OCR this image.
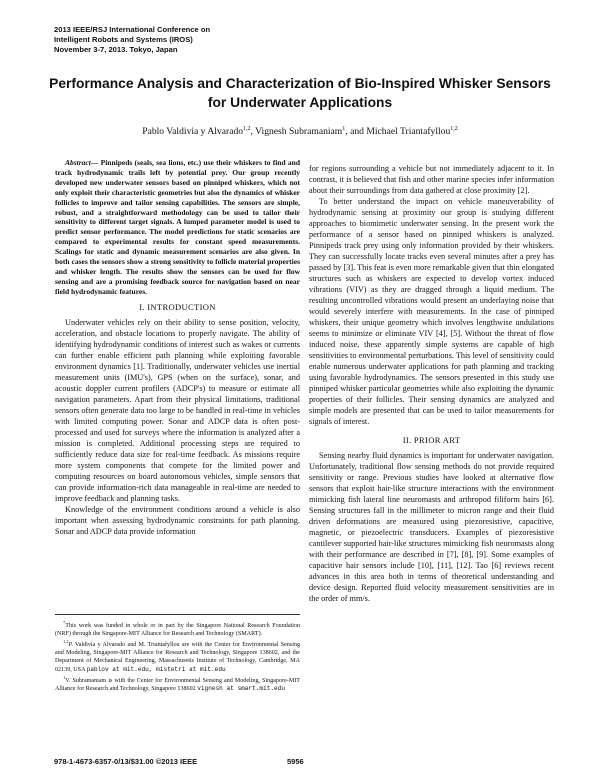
2013 IEEE/RSJ International Conference on
Intelligent Robots and Systems (IROS)
November 3-7, 2013. Tokyo, Japan
Performance Analysis and Characterization of Bio-Inspired Whisker Sensors for Underwater Applications
Pablo Valdivia y Alvarado$^{1,2}$, Vignesh Subramaniam$^1$, and Michael Triantafyllou$^{1,2}$

Abstract— Pinnipeds (seals, sea lions, etc.) use their whiskers to find and track hydrodynamic trails left by potential prey. Our group recently developed new underwater sensors based on pinniped whiskers, which not only exploit their characteristic geometries but also the dynamics of whisker follicles to improve and tailor sensing capabilities. The sensors are simple, robust, and a straightforward methodology can be used to tailor their sensitivity to different target signals. A lumped parameter model is used to predict sensor performance. The model predictions for static scenarios are compared to experimental results for constant speed measurements. Scalings for static and dynamic measurement scenarios are also given. In both cases the sensors show a strong sensitivity to follicle material properties and whisker length. The results show the sensors can be used for flow sensing and are a promising feedback source for navigation based on near field hydrodynamic features.

I. INTRODUCTION

Underwater vehicles rely on their ability to sense position, velocity, acceleration, and obstacle locations to properly navigate. The ability of identifying hydrodynamic conditions of interest such as wakes or currents can further enable efficient path planning while exploiting favorable environment dynamics [1]. Traditionally, underwater vehicles use inertial measurement units (IMU's), GPS (when on the surface), sonar, and acoustic doppler current profilers (ADCP's) to measure or estimate all navigation parameters. Apart from their physical limitations, traditional sensors often generate data too large to be handled in real-time in vehicles with limited computing power. Sonar and ADCP data is often post-processed and used for surveys where the information is analyzed after a mission is completed. Additional processing steps are required to sufficiently reduce data size for real-time feedback. As missions require more system components that compete for the limited power and computing resources on board autonomous vehicles, simple sensors that can provide information-rich data manageable in real-time are needed to improve feedback and planning tasks.

Knowledge of the environment conditions around a vehicle is also important when assessing hydrodynamic constraints for path planning. Sonar and ADCP data provide information

*This work was funded in whole or in part by the Singapore National Research Foundation (NRF) through the Singapore-MIT Alliance for Research and Technology (SMART).

$^{1,2}$P. Valdivia y Alvarado and M. Triantafyllou are with the Center for Environmental Sensing and Modeling, Singapore-MIT Alliance for Research and Technology, Singapore 138602, and the Department of Mechanical Engineering, Massachusetts Institute of Technology, Cambridge, MA 02139, USA pablov at mit.edu, mistetri at mit.edu

$^1$V. Subramaniam is with the Center for Environmental Sensing and Modeling, Singapore-MIT Alliance for Research and Technology, Singapore 138602 vignesh at smart.mit.edu

for regions surrounding a vehicle but not immediately adjacent to it. In contrast, it is believed that fish and other marine species infer information about their surroundings from data gathered at close proximity [2].

To better understand the impact on vehicle maneuverability of hydrodynamic sensing at proximity our group is studying different approaches to biomimetic underwater sensing. In the present work the performance of a sensor based on pinniped whiskers is analyzed. Pinnipeds track prey using only information provided by their whiskers. They can successfully locate tracks even several minutes after a prey has passed by [3]. This feat is even more remarkable given that thin elongated structures such as whiskers are expected to develop vortex induced vibrations (VIV) as they are dragged through a liquid medium. The resulting uncontrolled vibrations would present an underlaying noise that would severely interfere with measurements. In the case of pinniped whiskers, their unique geometry which involves lengthwise undulations seems to minimize or eliminate VIV [4], [5]. Without the threat of flow induced noise, these apparently simple systems are capable of high sensitivities to environmental perturbations. This level of sensitivity could enable numerous underwater applications for path planning and tracking using favorable hydrodynamics. The sensors presented in this study use pinniped whisker particular geometries while also exploiting the dynamic properties of their follicles. Their sensing dynamics are analyzed and simple models are presented that can be used to tailor measurements for signals of interest.

II. PRIOR ART

Sensing nearby fluid dynamics is important for underwater navigation. Unfortunately, traditional flow sensing methods do not provide required sensitivity or range. Previous studies have looked at alternative flow sensors that exploit hair-like structure interactions with the environment mimicking fish lateral line neuromasts and arthropod filiform hairs [6]. Sensing structures fall in the millimeter to micron range and their fluid driven deformations are measured using piezoresistive, capacitive, magnetic, or piezoelectric transducers. Examples of piezoresistive cantilever supported hair-like structures mimicking fish neuromasts along with their performance are described in [7], [8], [9]. Some examples of capacitive hair sensors include [10], [11], [12]. Tao [6] reviews recent advances in this area both in terms of theoretical understanding and device design. Reported fluid velocity measurement sensitivities are in the order of mm/s.

978-1-4673-6357-0/13/$31.00 ©2013 IEEE	5956
